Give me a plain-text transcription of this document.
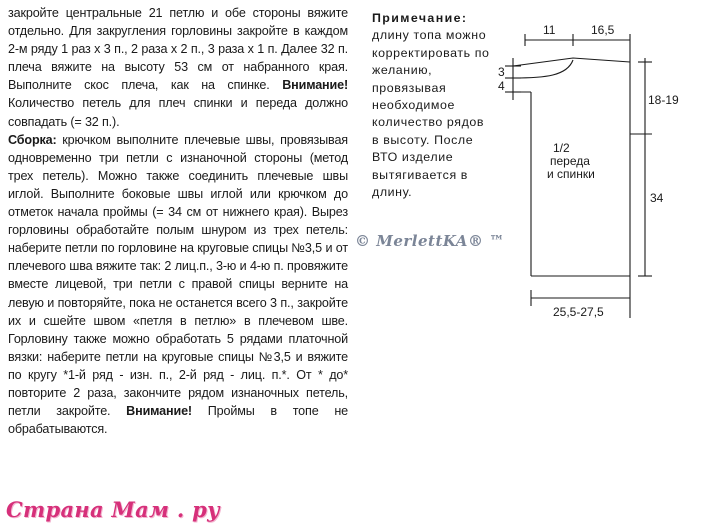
закройте центральные 21 петлю и обе стороны вяжите отдельно. Для закругления горловины закройте в каждом 2-м ряду 1 раз х 3 п., 2 раза х 2 п., 3 раза х 1 п. Далее 32 п. плеча вяжите на высоту 53 см от набранного края. Выполните скос плеча, как на спинке. Внимание! Количество петель для плеч спинки и переда должно совпадать (= 32 п.).

Сборка: крючком выполните плечевые швы, провязывая одновременно три петли с изнаночной стороны (метод трех петель). Можно также соединить плечевые швы иглой. Выполните боковые швы иглой или крючком до отметок начала проймы (= 34 см от нижнего края). Вырез горловины обработайте полым шнуром из трех петель: наберите петли по горловине на круговые спицы №3,5 и от плечевого шва вяжите так: 2 лиц.п., 3-ю и 4-ю п. провяжите вместе лицевой, три петли с правой спицы верните на левую и повторяйте, пока не останется всего 3 п., закройте их и сшейте швом «петля в петлю» в плечевом шве. Горловину также можно обработать 5 рядами платочной вязки: наберите петли на круговые спицы №3,5 и вяжите по кругу *1-й ряд - изн. п., 2-й ряд - лиц. п.*. От * до* повторите 2 раза, закончите рядом изнаночных петель, петли закройте. Внимание! Проймы в топе не обрабатываются.

Примечание:
длину топа можно корректировать по желанию, провязывая необходимое количество рядов в высоту. После ВТО изделие вытягивается в длину.
11	16,5
3
4
18-19
34
25,5-27,5
1/2
переда
и спинки
© MerlettKA® ™
Страна Мам . ру
